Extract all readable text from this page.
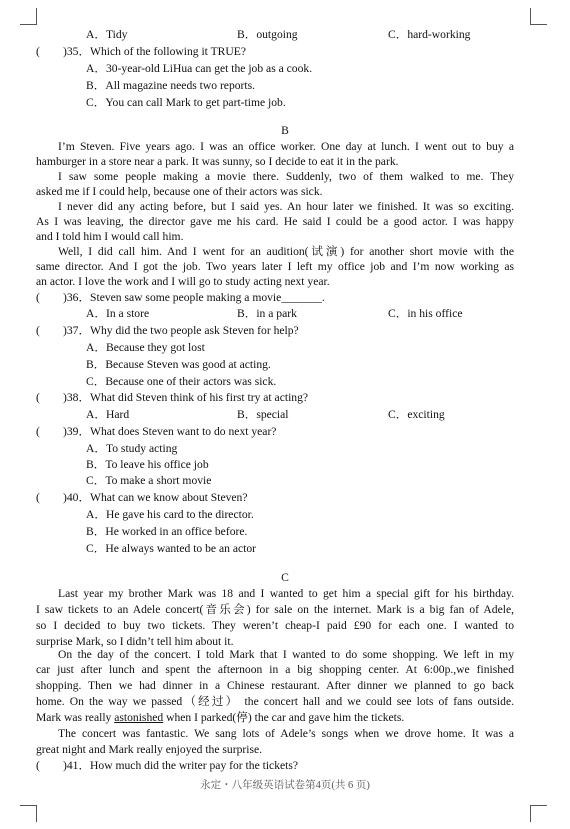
A．Tidy	B．outgoing	C．hard-working
( )35．Which of the following it TRUE?
A．30-year-old LiHua can get the job as a cook.
B．All magazine needs two reports.
C．You can call Mark to get part-time job.
B
I’m Steven. Five years ago. I was an office worker. One day at lunch. I went out to buy a
hamburger in a store near a park. It was sunny, so I decide to eat it in the park.
I saw some people making a movie there. Suddenly, two of them walked to me. They
asked me if I could help, because one of their actors was sick.
I never did any acting before, but I said yes. An hour later we finished. It was so exciting.
As I was leaving, the director gave me his card. He said I could be a good actor. I was happy
and I told him I would call him.
Well, I did call him. And I went for an audition(试演) for another short movie with the
same director. And I got the job. Two years later I left my office job and I’m now working as
an actor. I love the work and I will go to study acting next year.
( )36．Steven saw some people making a movie_______.
A．In a store	B．in a park	C．in his office
( )37．Why did the two people ask Steven for help?
A．Because they got lost
B．Because Steven was good at acting.
C．Because one of their actors was sick.
( )38．What did Steven think of his first try at acting?
A．Hard	B．special	C．exciting
( )39．What does Steven want to do next year?
A．To study acting
B．To leave his office job
C．To make a short movie
( )40．What can we know about Steven?
A．He gave his card to the director.
B．He worked in an office before.
C．He always wanted to be an actor
C
Last year my brother Mark was 18 and I wanted to get him a special gift for his birthday.
I saw tickets to an Adele concert(音乐会) for sale on the internet. Mark is a big fan of Adele,
so I decided to buy two tickets. They weren’t cheap-I paid £90 for each one. I wanted to
surprise Mark, so I didn’t tell him about it.
On the day of the concert. I told Mark that I wanted to do some shopping. We left in my
car just after lunch and spent the afternoon in a big shopping center. At 6:00p.,we finished
shopping. Then we had dinner in a Chinese restaurant. After dinner we planned to go back
home. On the way we passed（经过） the concert hall and we could see lots of fans outside.
Mark was really astonished when I parked(停) the car and gave him the tickets.
The concert was fantastic. We sang lots of Adele’s songs when we drove home. It was a
great night and Mark really enjoyed the surprise.
( )41．How much did the writer pay for the tickets?
永定・八年级英语试卷第4页(共 6 页)
